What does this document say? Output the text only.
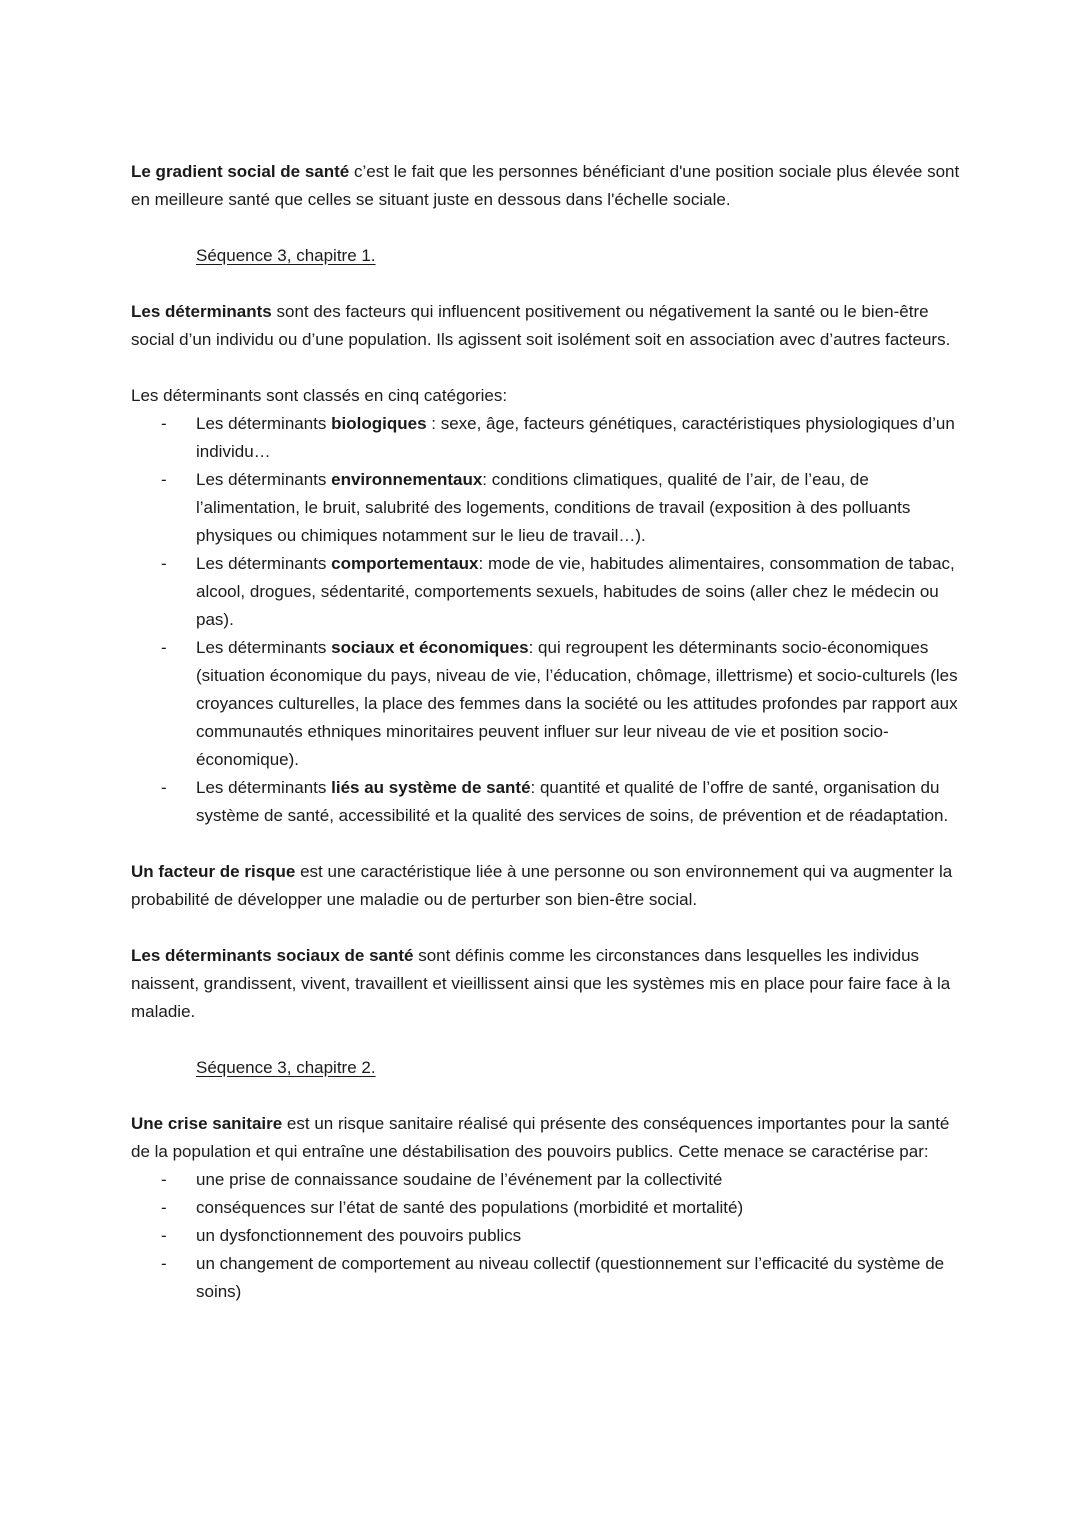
Le gradient social de santé c’est le fait que les personnes bénéficiant d'une position sociale plus élevée sont en meilleure santé que celles se situant juste en dessous dans l'échelle sociale.

Séquence 3, chapitre 1.

Les déterminants sont des facteurs qui influencent positivement ou négativement la santé ou le bien-être social d’un individu ou d’une population. Ils agissent soit isolément soit en association avec d’autres facteurs.

Les déterminants sont classés en cinq catégories:

- Les déterminants biologiques : sexe, âge, facteurs génétiques, caractéristiques physiologiques d’un individu…
- Les déterminants environnementaux: conditions climatiques, qualité de l’air, de l’eau, de l’alimentation, le bruit, salubrité des logements, conditions de travail (exposition à des polluants physiques ou chimiques notamment sur le lieu de travail…).
- Les déterminants comportementaux: mode de vie, habitudes alimentaires, consommation de tabac, alcool, drogues, sédentarité, comportements sexuels, habitudes de soins (aller chez le médecin ou pas).
- Les déterminants sociaux et économiques: qui regroupent les déterminants socio-économiques (situation économique du pays, niveau de vie, l’éducation, chômage, illettrisme) et socio-culturels (les croyances culturelles, la place des femmes dans la société ou les attitudes profondes par rapport aux communautés ethniques minoritaires peuvent influer sur leur niveau de vie et position socio-économique).
- Les déterminants liés au système de santé: quantité et qualité de l’offre de santé, organisation du système de santé, accessibilité et la qualité des services de soins, de prévention et de réadaptation.

Un facteur de risque est une caractéristique liée à une personne ou son environnement qui va augmenter la probabilité de développer une maladie ou de perturber son bien-être social.

Les déterminants sociaux de santé sont définis comme les circonstances dans lesquelles les individus naissent, grandissent, vivent, travaillent et vieillissent ainsi que les systèmes mis en place pour faire face à la maladie.

Séquence 3, chapitre 2.

Une crise sanitaire est un risque sanitaire réalisé qui présente des conséquences importantes pour la santé de la population et qui entraîne une déstabilisation des pouvoirs publics. Cette menace se caractérise par:

- une prise de connaissance soudaine de l’événement par la collectivité
- conséquences sur l’état de santé des populations (morbidité et mortalité)
- un dysfonctionnement des pouvoirs publics
- un changement de comportement au niveau collectif (questionnement sur l’efficacité du système de soins)
